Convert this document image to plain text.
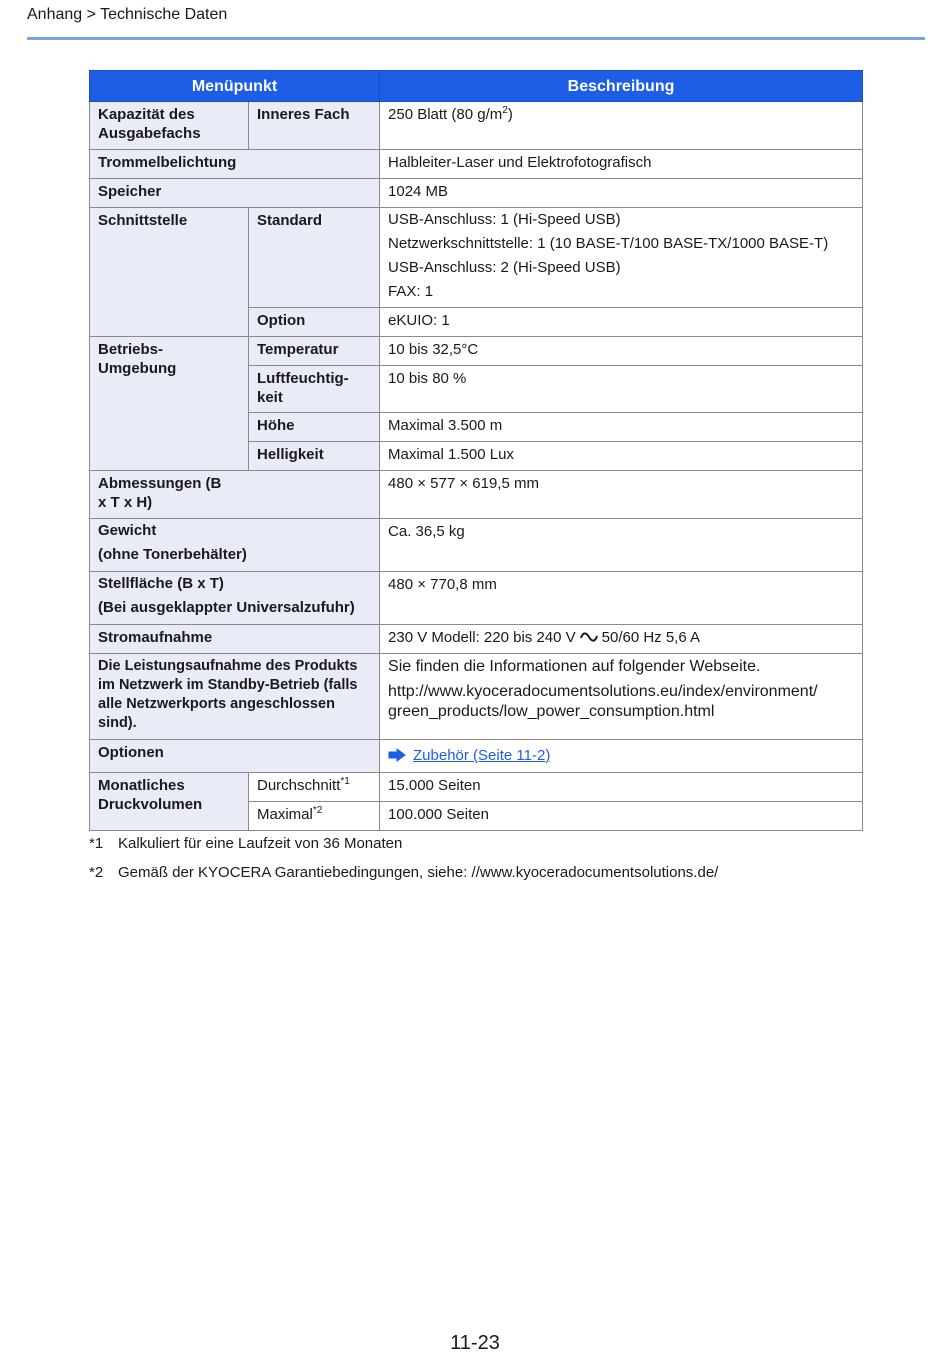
Anhang > Technische Daten
Menüpunkt		Beschreibung
Kapazität des Ausgabefachs	Inneres Fach	250 Blatt (80 $g/m^2$)
Trommelbelichtung		Halbleiter-Laser und Elektrofotografisch
Speicher		1024 MB
Schnittstelle	Standard	USB-Anschluss: 1 (Hi-Speed USB)
Netzwerkschnittstelle: 1 (10 BASE-T/100 BASE-TX/1000 BASE-T)
USB-Anschluss: 2 (Hi-Speed USB)
FAX: 1

	Option	eKUIO: 1
Betriebs-Umgebung	Temperatur	10 bis 32,5°C
	Luftfeuchtig-keit	10 bis 80 %
	Höhe	Maximal 3.500 m
	Helligkeit	Maximal 1.500 Lux
Abmessungen (B x T x H)		480 × 577 × 619,5 mm

Gewicht
(ohne Tonerbehälter)		Ca. 36,5 kg

Stellfläche (B x T)
(Bei ausgeklappter Universalzufuhr)		480 × 770,8 mm
Stromaufnahme		230 V Modell: 220 bis 240 V 50/60 Hz 5,6 A
Die Leistungsaufnahme des Produkts im Netzwerk im Standby-Betrieb (falls alle Netzwerkports angeschlossen sind).		Sie finden die Informationen auf folgender Webseite.
http://www.kyoceradocumentsolutions.eu/index/environment/
green_products/low_power_consumption.html

Optionen		Zubehör (Seite 11-2)
Monatliches Druckvolumen	Durchschnitt$^{*1}$	15.000 Seiten
	Maximal$^{*2}$	100.000 Seiten
*1 Kalkuliert für eine Laufzeit von 36 Monaten
*2 Gemäß der KYOCERA Garantiebedingungen, siehe: //www.kyoceradocumentsolutions.de/
11-23
